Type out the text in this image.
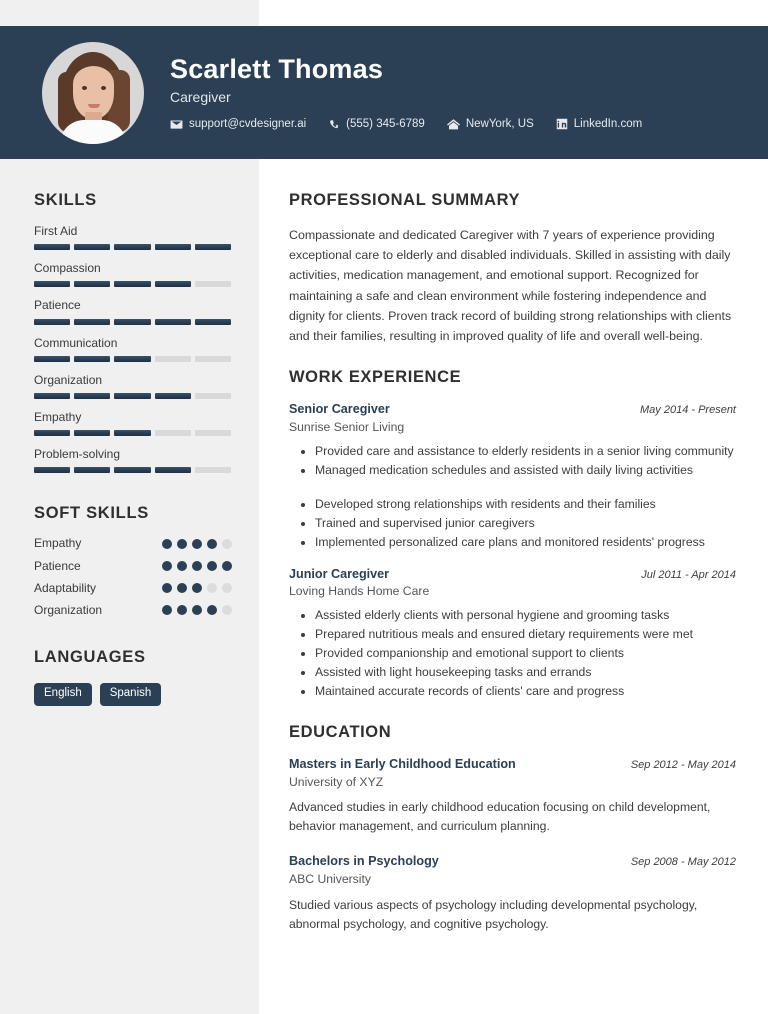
Scarlett Thomas
Caregiver
support@cvdesigner.ai	(555) 345-6789	NewYork, US	LinkedIn.com
SKILLS
First Aid
Compassion
Patience
Communication
Organization
Empathy
Problem-solving
SOFT SKILLS
Empathy
Patience
Adaptability
Organization
LANGUAGES
English	Spanish
PROFESSIONAL SUMMARY
Compassionate and dedicated Caregiver with 7 years of experience providing exceptional care to elderly and disabled individuals. Skilled in assisting with daily activities, medication management, and emotional support. Recognized for maintaining a safe and clean environment while fostering independence and dignity for clients. Proven track record of building strong relationships with clients and their families, resulting in improved quality of life and overall well-being.
WORK EXPERIENCE
Senior Caregiver	May 2014 - Present
Sunrise Senior Living
• Provided care and assistance to elderly residents in a senior living community
• Managed medication schedules and assisted with daily living activities
• Developed strong relationships with residents and their families
• Trained and supervised junior caregivers
• Implemented personalized care plans and monitored residents' progress
Junior Caregiver	Jul 2011 - Apr 2014
Loving Hands Home Care
• Assisted elderly clients with personal hygiene and grooming tasks
• Prepared nutritious meals and ensured dietary requirements were met
• Provided companionship and emotional support to clients
• Assisted with light housekeeping tasks and errands
• Maintained accurate records of clients' care and progress
EDUCATION
Masters in Early Childhood Education	Sep 2012 - May 2014
University of XYZ
Advanced studies in early childhood education focusing on child development, behavior management, and curriculum planning.
Bachelors in Psychology	Sep 2008 - May 2012
ABC University
Studied various aspects of psychology including developmental psychology, abnormal psychology, and cognitive psychology.
